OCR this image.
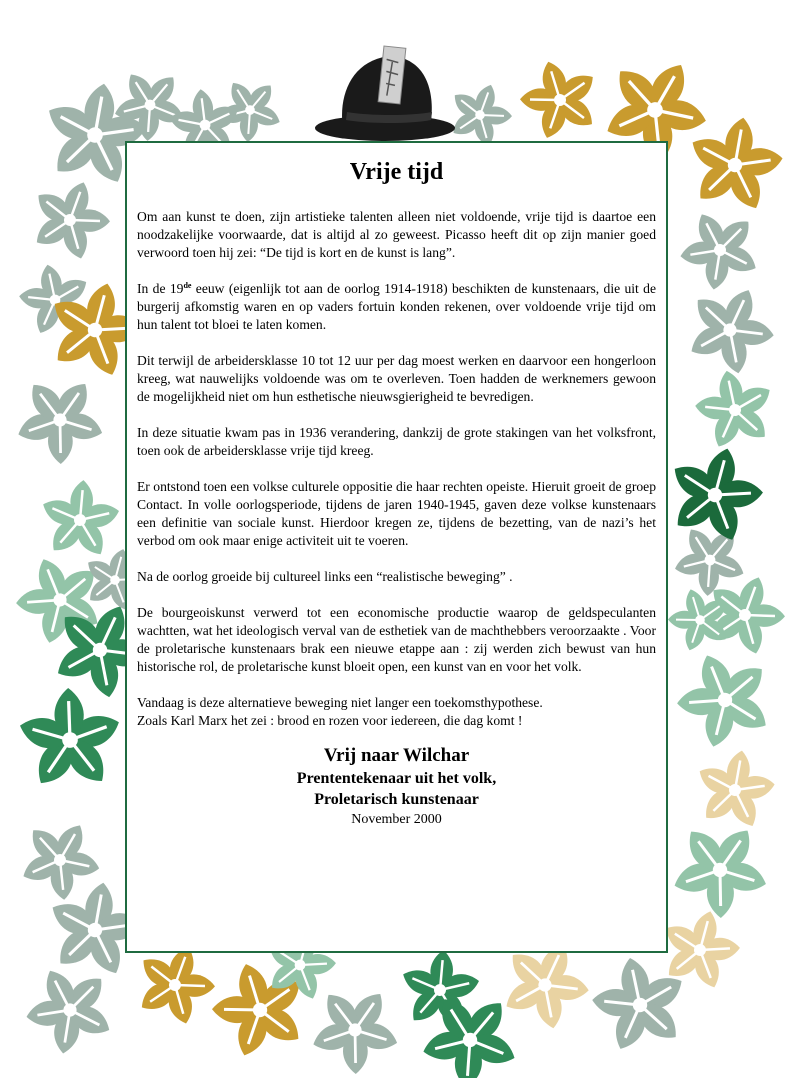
Vrije tijd

Om aan kunst te doen, zijn artistieke talenten alleen niet voldoende, vrije tijd is daartoe een noodzakelijke voorwaarde, dat is altijd al zo geweest. Picasso heeft dit op zijn manier goed verwoord toen hij zei: “De tijd is kort en de kunst is lang”.

In de 19de eeuw (eigenlijk tot aan de oorlog 1914-1918) beschikten de kunstenaars, die uit de burgerij afkomstig waren en op vaders fortuin konden rekenen, over voldoende vrije tijd om hun talent tot bloei te laten komen.

Dit terwijl de arbeidersklasse 10 tot 12 uur per dag moest werken en daarvoor een hongerloon kreeg, wat nauwelijks voldoende was om te overleven. Toen hadden de werknemers gewoon de mogelijkheid niet om hun esthetische nieuwsgierigheid te bevredigen.

In deze situatie kwam pas in 1936 verandering, dankzij de grote stakingen van het volksfront, toen ook de arbeidersklasse vrije tijd kreeg.

Er ontstond toen een volkse culturele oppositie die haar rechten opeiste. Hieruit groeit de groep Contact. In volle oorlogsperiode, tijdens de jaren 1940-1945, gaven deze volkse kunstenaars een definitie van sociale kunst. Hierdoor kregen ze, tijdens de bezetting, van de nazi’s het verbod om ook maar enige activiteit uit te voeren.

Na de oorlog groeide bij cultureel links een “realistische beweging” .

De bourgeoiskunst verwerd tot een economische productie waarop de geldspeculanten wachtten, wat het ideologisch verval van de esthetiek van de machthebbers veroorzaakte . Voor de proletarische kunstenaars brak een nieuwe etappe aan : zij werden zich bewust van hun historische rol, de proletarische kunst bloeit open, een kunst van en voor het volk.

Vandaag is deze alternatieve beweging niet langer een toekomsthypothese.
Zoals Karl Marx het zei : brood en rozen voor iedereen, die dag komt !

Vrij naar Wilchar
Prententekenaar uit het volk,
Proletarisch kunstenaar
November 2000
